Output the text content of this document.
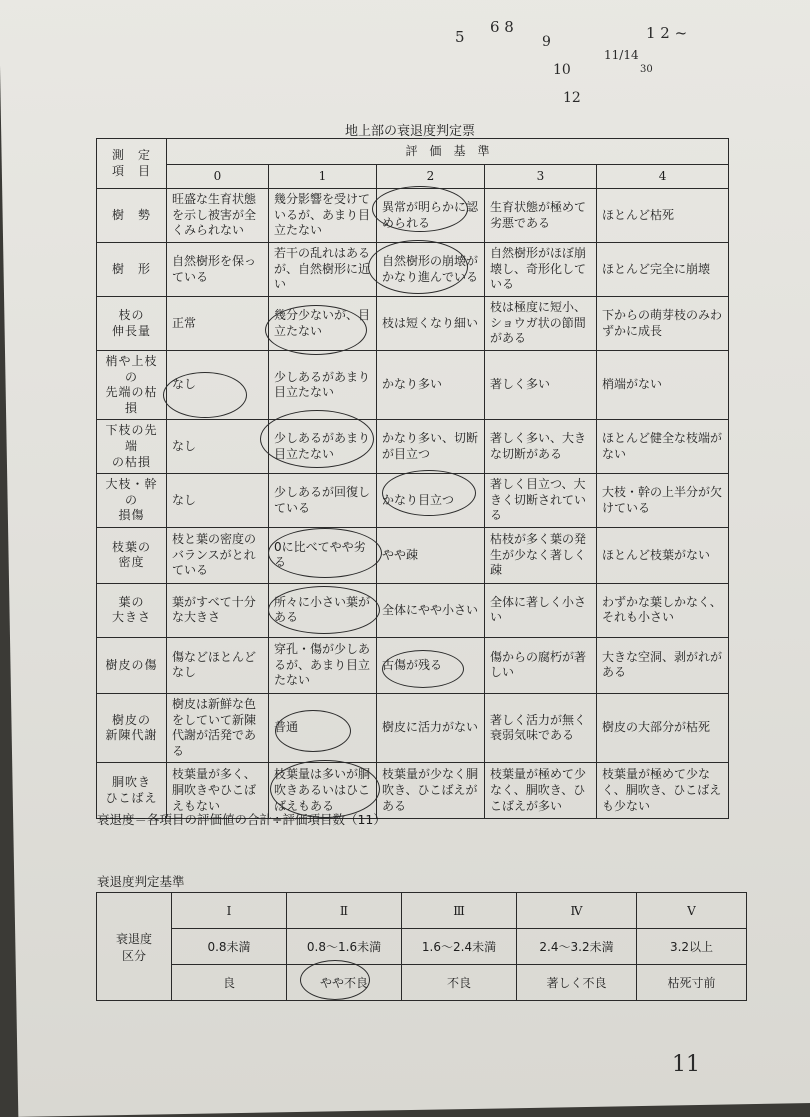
5
6 8
9
10
12
11/14
30
1 2 ~
11
地上部の衰退度判定票
測　定
項　目	評　価　基　準				
	0	1	2	3	4
樹　勢	旺盛な生育状態を示し被害が全くみられない	幾分影響を受けているが、あまり目立たない	異常が明らかに認められる	生育状態が極めて劣悪である	ほとんど枯死
樹　形	自然樹形を保っている	若干の乱れはあるが、自然樹形に近い	自然樹形の崩壊がかなり進んでいる	自然樹形がほぼ崩壊し、奇形化している	ほとんど完全に崩壊
枝の
伸長量	正常	幾分少ないが、目立たない	枝は短くなり細い	枝は極度に短小、ショウガ状の節間がある	下からの萌芽枝のみわずかに成長
梢や上枝の
先端の枯損	なし	少しあるがあまり目立たない	かなり多い	著しく多い	梢端がない
下枝の先端
の枯損	なし	少しあるがあまり目立たない	かなり多い、切断が目立つ	著しく多い、大きな切断がある	ほとんど健全な枝端がない
大枝・幹の
損傷	なし	少しあるが回復している	かなり目立つ	著しく目立つ、大きく切断されている	大枝・幹の上半分が欠けている
枝葉の
密度	枝と葉の密度のバランスがとれている	0に比べてやや劣る	やや疎	枯枝が多く葉の発生が少なく著しく疎	ほとんど枝葉がない
葉の
大きさ	葉がすべて十分な大きさ	所々に小さい葉がある	全体にやや小さい	全体に著しく小さい	わずかな葉しかなく、それも小さい
樹皮の傷	傷などほとんどなし	穿孔・傷が少しあるが、あまり目立たない	古傷が残る	傷からの腐朽が著しい	大きな空洞、剥がれがある
樹皮の
新陳代謝	樹皮は新鮮な色をしていて新陳代謝が活発である	普通	樹皮に活力がない	著しく活力が無く衰弱気味である	樹皮の大部分が枯死
胴吹き
ひこばえ	枝葉量が多く、胴吹きやひこばえもない	枝葉量は多いが胴吹きあるいはひこばえもある	枝葉量が少なく胴吹き、ひこばえがある	枝葉量が極めて少なく、胴吹き、ひこばえが多い	枝葉量が極めて少なく、胴吹き、ひこばえも少ない
衰退度＝各項目の評価値の合計÷評価項目数（11）
衰退度判定基準
衰退度
区分	Ⅰ	Ⅱ	Ⅲ	Ⅳ	Ⅴ
	0.8未満	0.8〜1.6未満	1.6〜2.4未満	2.4〜3.2未満	3.2以上
	良	やや不良	不良	著しく不良	枯死寸前
